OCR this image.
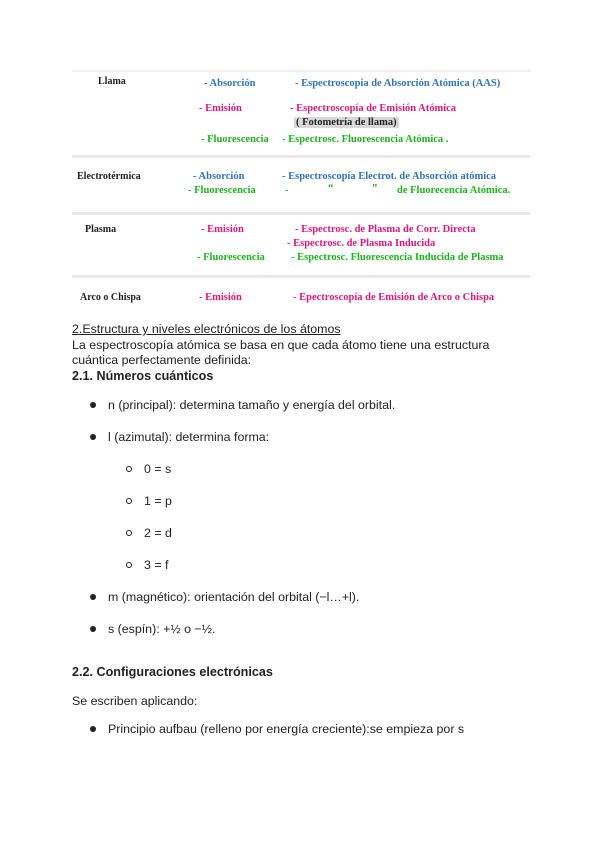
Llama	- Absorción	- Espectroscopía de Absorción Atómica (AAS)
- Emisión	- Espectroscopía de Emisión Atómica
( Fotometría de llama)
- Fluorescencia - Espectrosc. Fluorescencia Atómica .
Electrotérmica	- Absorción	- Espectroscopía Electrot. de Absorción atómica
- Fluorescencia	-	“	” de Fluorecencia Atómica.
Plasma	- Emisión	- Espectrosc. de Plasma de Corr. Directa
- Espectrosc. de Plasma Inducida
- Fluorescencia	- Espectrosc. Fluorescencia Inducida de Plasma
Arco o Chispa	- Emisión	- Epectroscopía de Emisión de Arco o Chispa
2.Estructura y niveles electrónicos de los átomos
La espectroscopía atómica se basa en que cada átomo tiene una estructura
cuántica perfectamente definida:
2.1. Números cuánticos
n (principal): determina tamaño y energía del orbital.
l (azimutal): determina forma:
0 = s
1 = p
2 = d
3 = f
m (magnético): orientación del orbital (−l…+l).
s (espín): +½ o −½.
2.2. Configuraciones electrónicas
Se escriben aplicando:
Principio aufbau (relleno por energía creciente):se empieza por s
